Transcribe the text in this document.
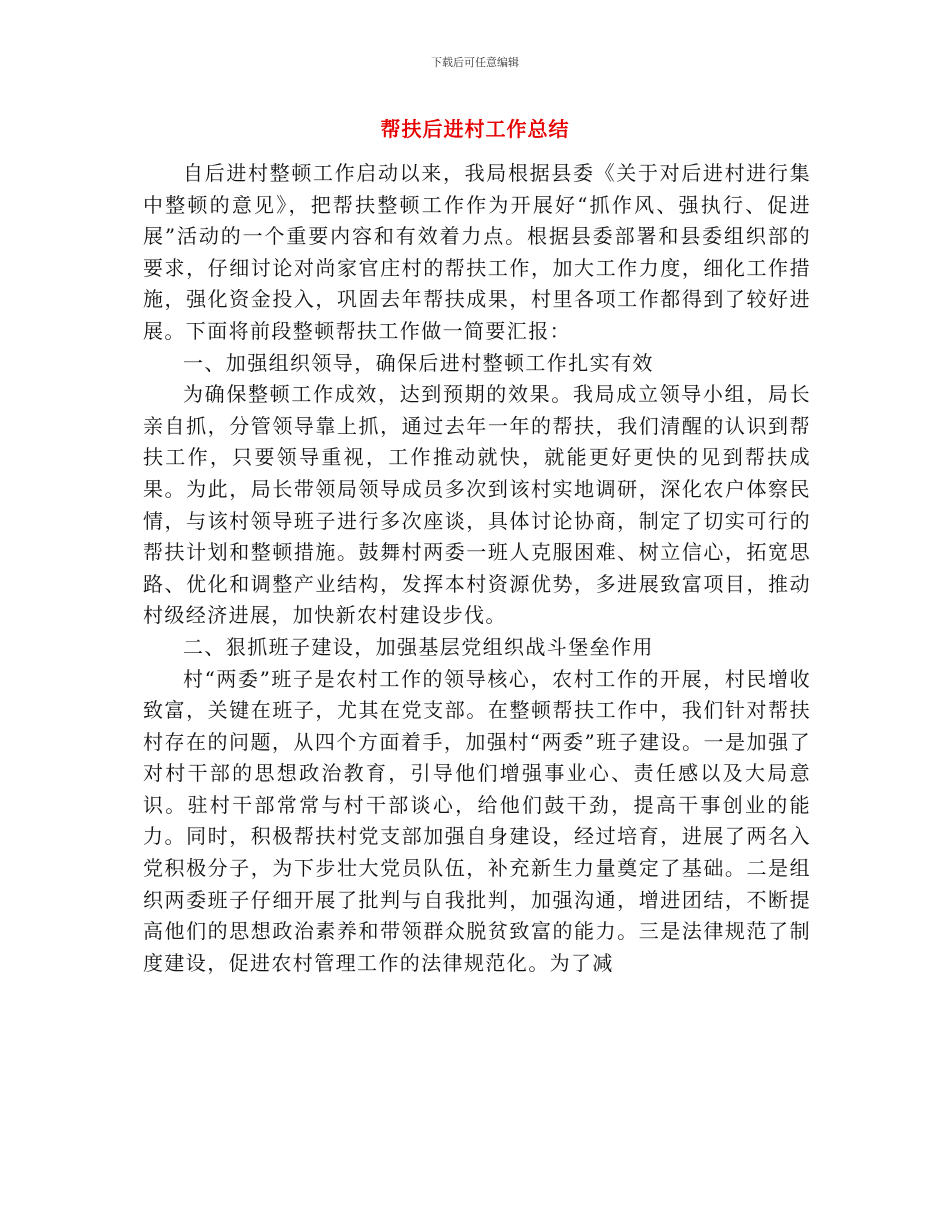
下载后可任意编辑
帮扶后进村工作总结

自后进村整顿工作启动以来，我局根据县委《关于对后进村进行集中整顿的意见》，把帮扶整顿工作作为开展好“抓作风、强执行、促进展”活动的一个重要内容和有效着力点。根据县委部署和县委组织部的要求，仔细讨论对尚家官庄村的帮扶工作，加大工作力度，细化工作措施，强化资金投入，巩固去年帮扶成果，村里各项工作都得到了较好进展。下面将前段整顿帮扶工作做一简要汇报：

一、加强组织领导，确保后进村整顿工作扎实有效

为确保整顿工作成效，达到预期的效果。我局成立领导小组，局长亲自抓，分管领导靠上抓，通过去年一年的帮扶，我们清醒的认识到帮扶工作，只要领导重视，工作推动就快，就能更好更快的见到帮扶成果。为此，局长带领局领导成员多次到该村实地调研，深化农户体察民情，与该村领导班子进行多次座谈，具体讨论协商，制定了切实可行的帮扶计划和整顿措施。鼓舞村两委一班人克服困难、树立信心，拓宽思路、优化和调整产业结构，发挥本村资源优势，多进展致富项目，推动村级经济进展，加快新农村建设步伐。

二、狠抓班子建设，加强基层党组织战斗堡垒作用

村“两委”班子是农村工作的领导核心，农村工作的开展，村民增收致富，关键在班子，尤其在党支部。在整顿帮扶工作中，我们针对帮扶村存在的问题，从四个方面着手，加强村“两委”班子建设。一是加强了对村干部的思想政治教育，引导他们增强事业心、责任感以及大局意识。驻村干部常常与村干部谈心，给他们鼓干劲，提高干事创业的能力。同时，积极帮扶村党支部加强自身建设，经过培育，进展了两名入党积极分子，为下步壮大党员队伍，补充新生力量奠定了基础。二是组织两委班子仔细开展了批判与自我批判，加强沟通，增进团结，不断提高他们的思想政治素养和带领群众脱贫致富的能力。三是法律规范了制度建设，促进农村管理工作的法律规范化。为了减
